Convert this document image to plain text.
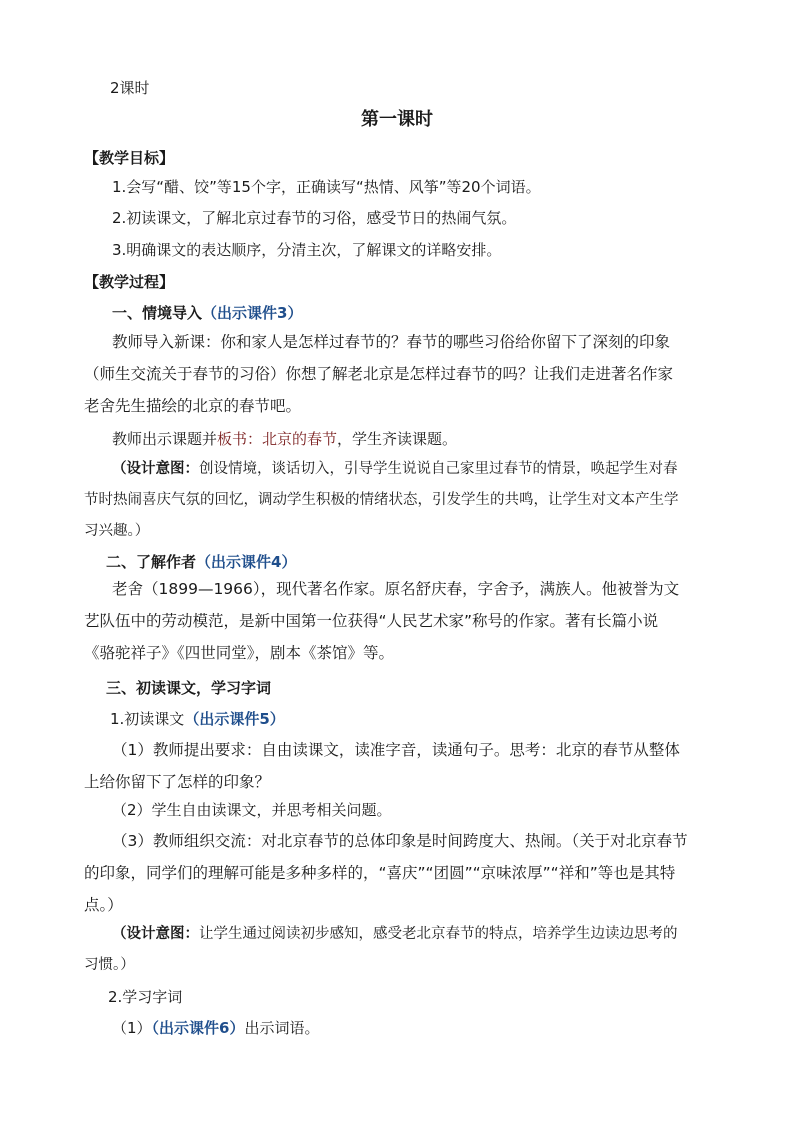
2课时
第一课时
【教学目标】
1.会写“醋、饺”等15个字，正确读写“热情、风筝”等20个词语。
2.初读课文，了解北京过春节的习俗，感受节日的热闹气氛。
3.明确课文的表达顺序，分清主次，了解课文的详略安排。
【教学过程】
一、情境导入（出示课件3）
教师导入新课：你和家人是怎样过春节的？春节的哪些习俗给你留下了深刻的印象（师生交流关于春节的习俗）你想了解老北京是怎样过春节的吗？让我们走进著名作家老舍先生描绘的北京的春节吧。
教师出示课题并板书：北京的春节，学生齐读课题。
（设计意图：创设情境，谈话切入，引导学生说说自己家里过春节的情景，唤起学生对春节时热闹喜庆气氛的回忆，调动学生积极的情绪状态，引发学生的共鸣，让学生对文本产生学习兴趣。）
二、了解作者（出示课件4）
老舍（1899—1966），现代著名作家。原名舒庆春，字舍予，满族人。他被誉为文艺队伍中的劳动模范，是新中国第一位获得“人民艺术家”称号的作家。著有长篇小说《骆驼祥子》《四世同堂》，剧本《茶馆》等。
三、初读课文，学习字词
1.初读课文（出示课件5）
（1）教师提出要求：自由读课文，读准字音，读通句子。思考：北京的春节从整体上给你留下了怎样的印象？
（2）学生自由读课文，并思考相关问题。
（3）教师组织交流：对北京春节的总体印象是时间跨度大、热闹。（关于对北京春节的印象，同学们的理解可能是多种多样的，“喜庆”“团圆”“京味浓厚”“祥和”等也是其特点。）
（设计意图：让学生通过阅读初步感知，感受老北京春节的特点，培养学生边读边思考的习惯。）
2.学习字词
（1）（出示课件6）出示词语。
